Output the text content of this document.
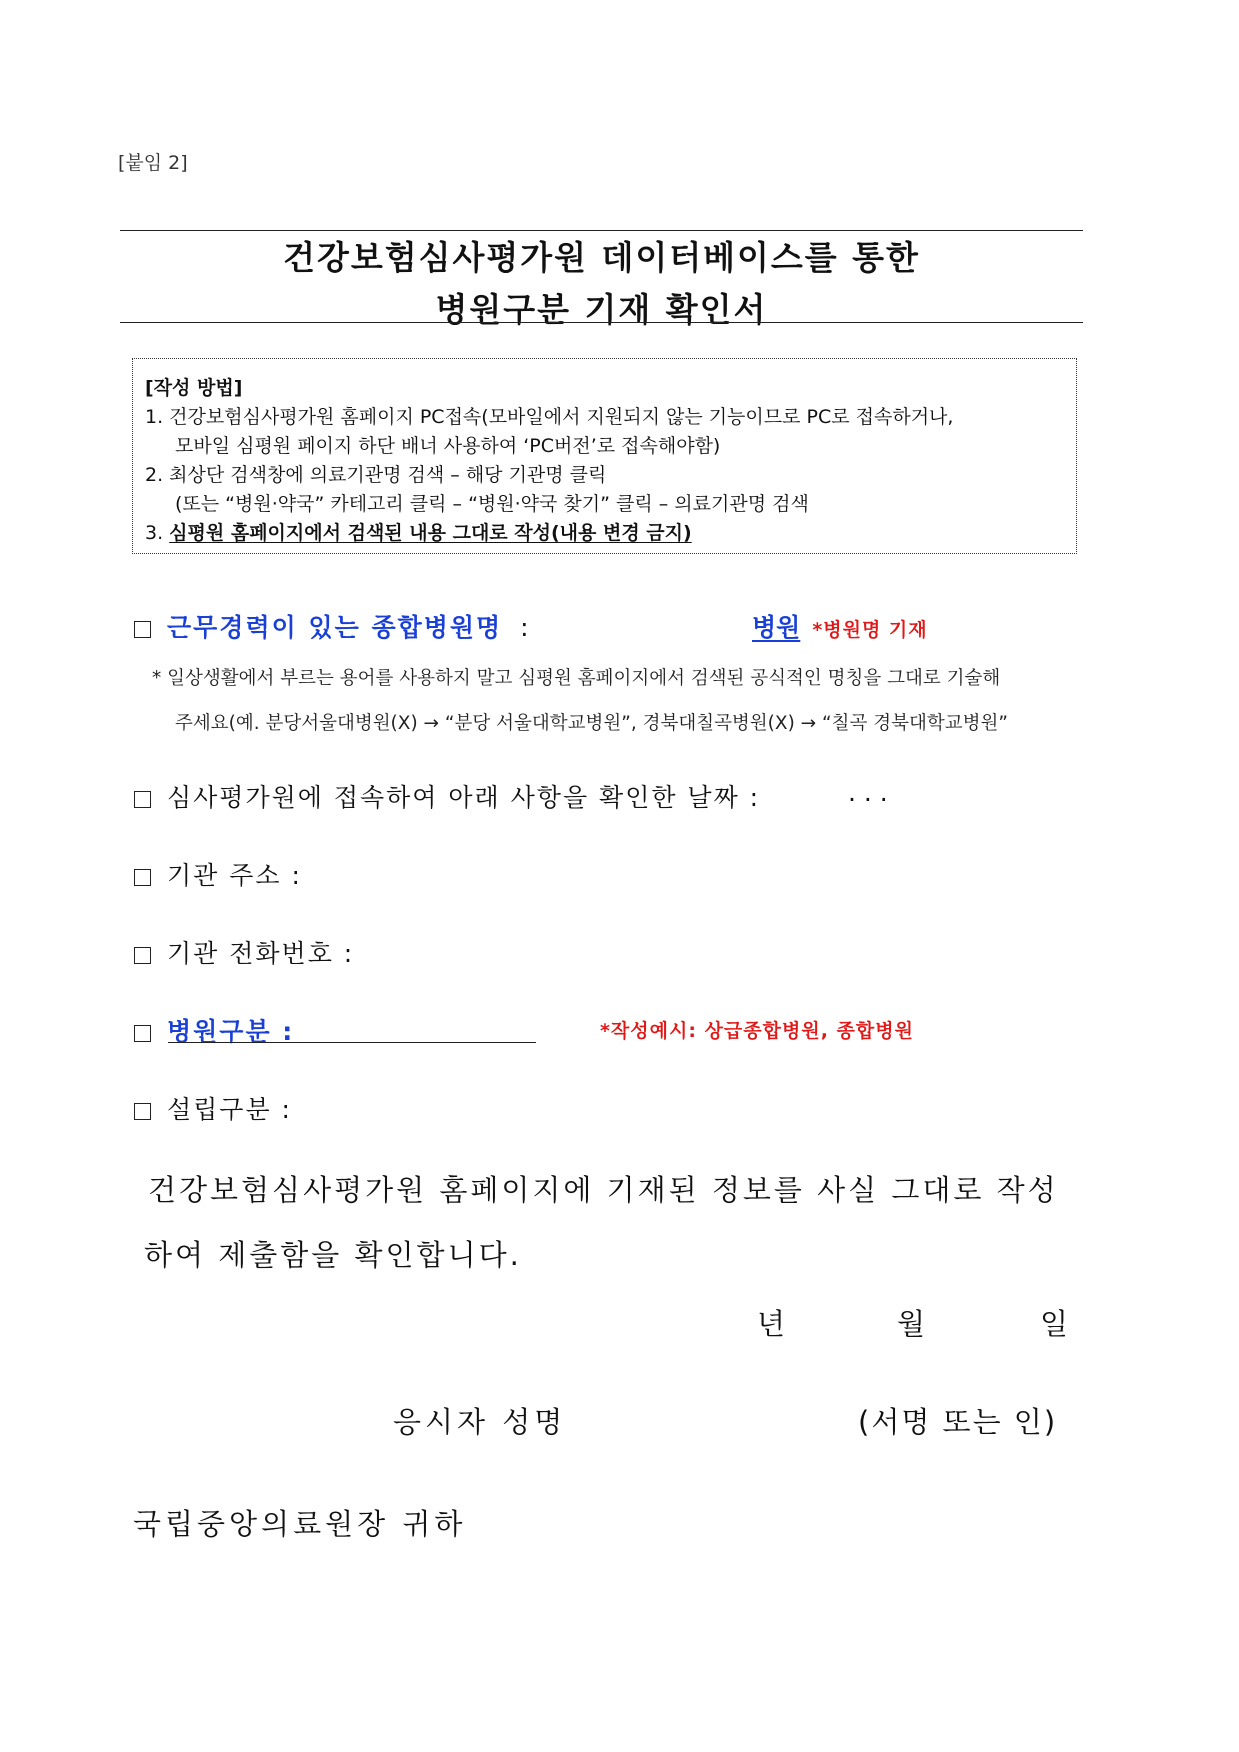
[붙임 2]
건강보험심사평가원 데이터베이스를 통한
병원구분 기재 확인서
[작성 방법]
1. 건강보험심사평가원 홈페이지 PC접속(모바일에서 지원되지 않는 기능이므로 PC로 접속하거나,
모바일 심평원 페이지 하단 배너 사용하여 ‘PC버전’로 접속해야함)
2. 최상단 검색창에 의료기관명 검색 – 해당 기관명 클릭
(또는 “병원·약국” 카테고리 클릭 – “병원·약국 찾기” 클릭 – 의료기관명 검색
3. 심평원 홈페이지에서 검색된 내용 그대로 작성(내용 변경 금지)
근무경력이 있는 종합병원명 :	병원 *병원명 기재
* 일상생활에서 부르는 용어를 사용하지 말고 심평원 홈페이지에서 검색된 공식적인 명칭을 그대로 기술해
주세요(예. 분당서울대병원(X) → “분당 서울대학교병원”, 경북대칠곡병원(X) → “칠곡 경북대학교병원”
심사평가원에 접속하여 아래 사항을 확인한 날짜 :	. . .
기관 주소 :
기관 전화번호 :
병원구분 :	*작성예시: 상급종합병원, 종합병원
설립구분 :
건강보험심사평가원 홈페이지에 기재된 정보를 사실 그대로 작성
하여 제출함을 확인합니다.
년	월	일
응시자 성명	(서명 또는 인)
국립중앙의료원장 귀하
